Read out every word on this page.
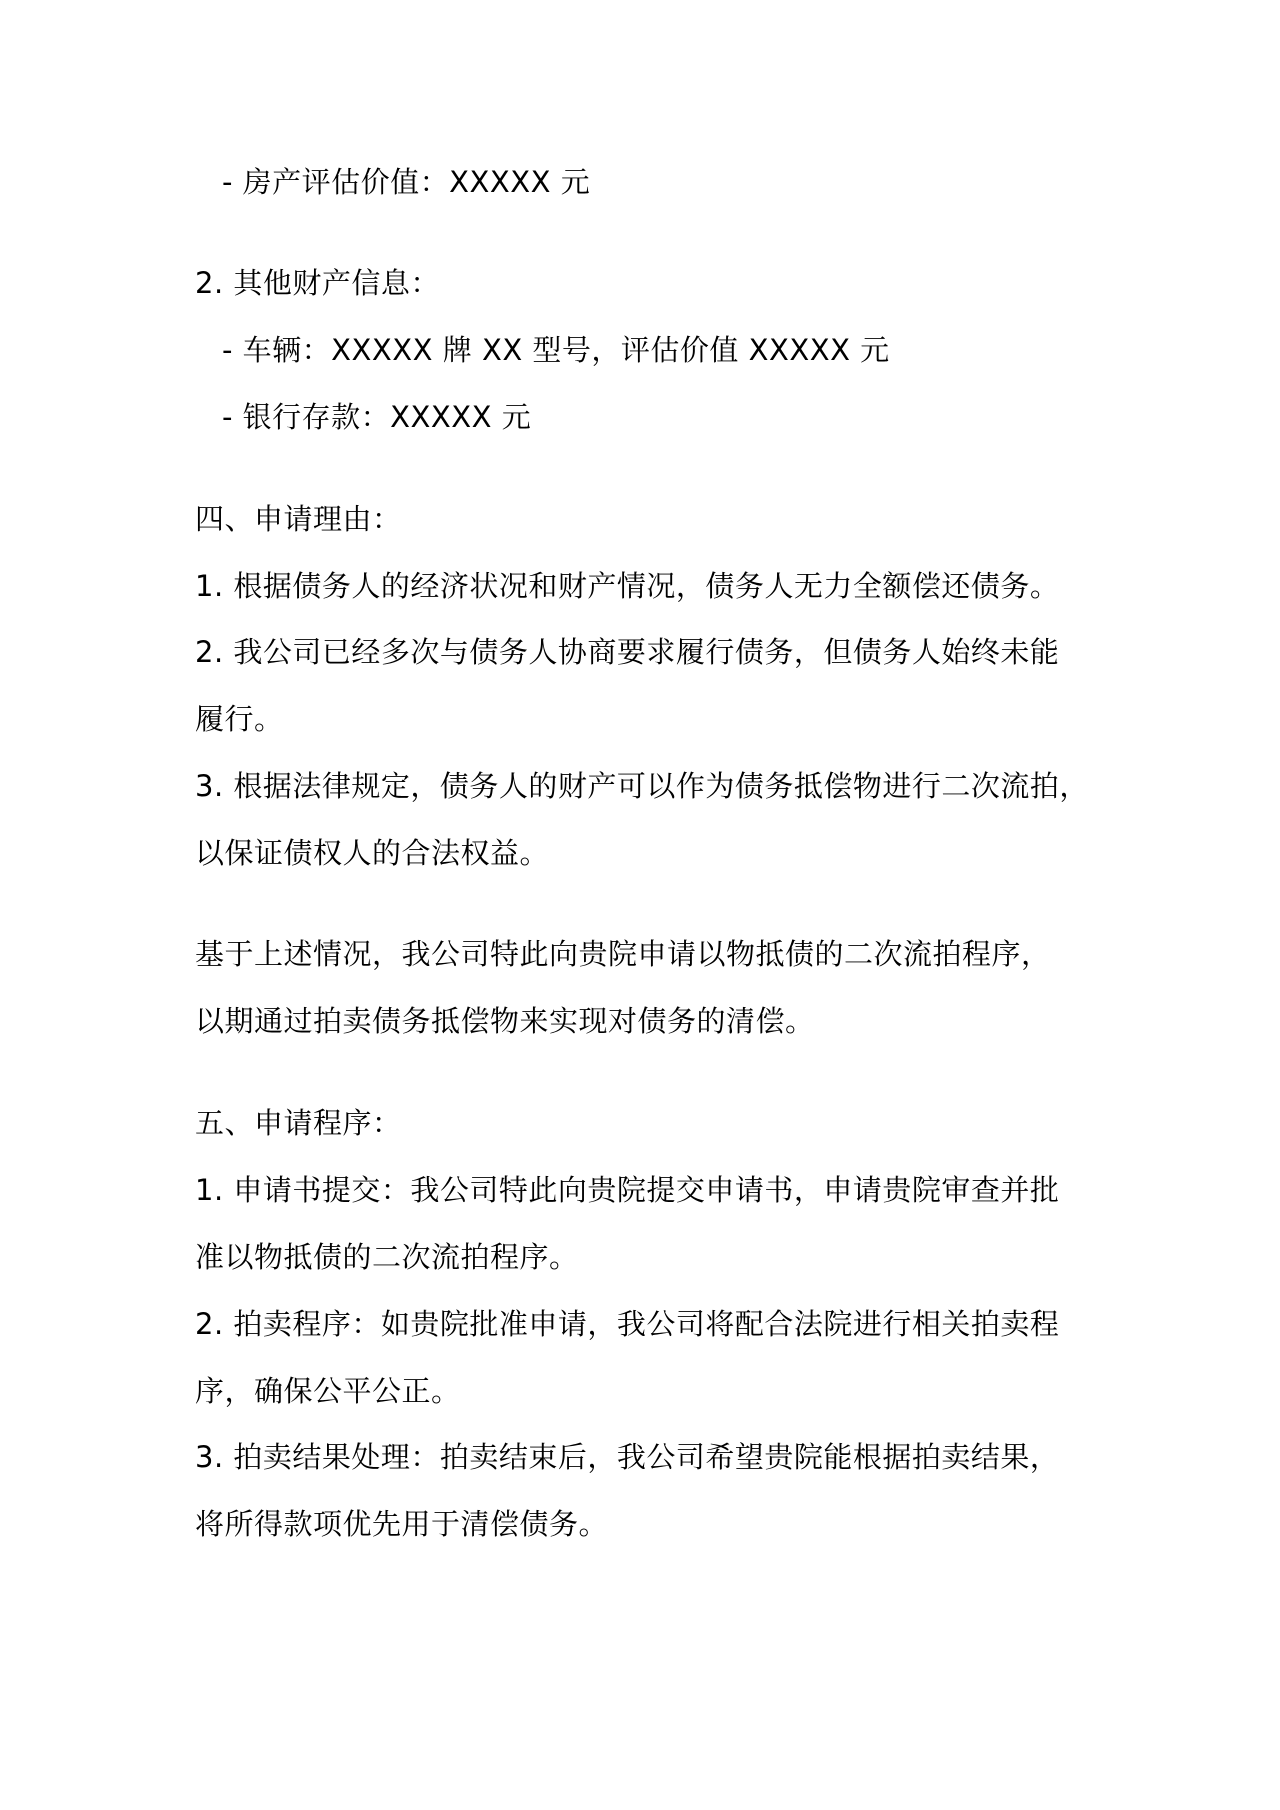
- 房产评估价值：XXXXX 元
2. 其他财产信息：
- 车辆：XXXXX 牌 XX 型号，评估价值 XXXXX 元
- 银行存款：XXXXX 元
四、申请理由：
1. 根据债务人的经济状况和财产情况，债务人无力全额偿还债务。
2. 我公司已经多次与债务人协商要求履行债务，但债务人始终未能
履行。
3. 根据法律规定，债务人的财产可以作为债务抵偿物进行二次流拍，
以保证债权人的合法权益。
基于上述情况，我公司特此向贵院申请以物抵债的二次流拍程序，
以期通过拍卖债务抵偿物来实现对债务的清偿。
五、申请程序：
1. 申请书提交：我公司特此向贵院提交申请书，申请贵院审查并批
准以物抵债的二次流拍程序。
2. 拍卖程序：如贵院批准申请，我公司将配合法院进行相关拍卖程
序，确保公平公正。
3. 拍卖结果处理：拍卖结束后，我公司希望贵院能根据拍卖结果，
将所得款项优先用于清偿债务。
